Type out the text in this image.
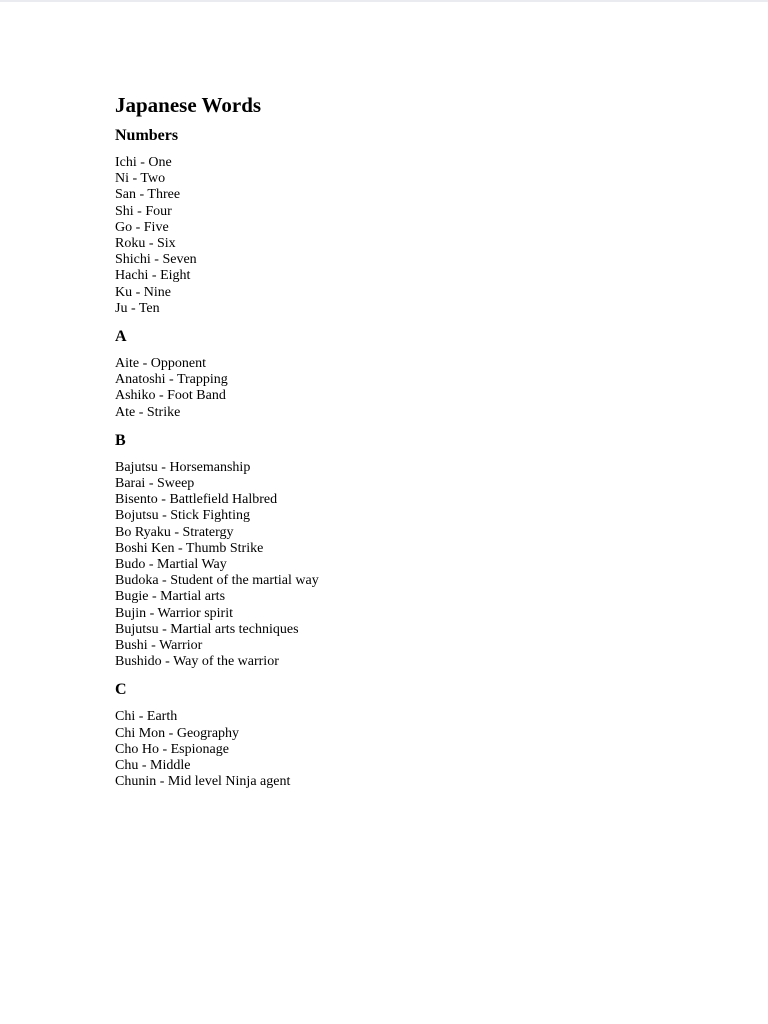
Japanese Words
Numbers
Ichi - One
Ni - Two
San - Three
Shi - Four
Go - Five
Roku - Six
Shichi - Seven
Hachi - Eight
Ku - Nine
Ju - Ten
A
Aite - Opponent
Anatoshi - Trapping
Ashiko - Foot Band
Ate - Strike
B
Bajutsu - Horsemanship
Barai - Sweep
Bisento - Battlefield Halbred
Bojutsu - Stick Fighting
Bo Ryaku - Stratergy
Boshi Ken - Thumb Strike
Budo - Martial Way
Budoka - Student of the martial way
Bugie - Martial arts
Bujin - Warrior spirit
Bujutsu - Martial arts techniques
Bushi - Warrior
Bushido - Way of the warrior
C
Chi - Earth
Chi Mon - Geography
Cho Ho - Espionage
Chu - Middle
Chunin - Mid level Ninja agent
